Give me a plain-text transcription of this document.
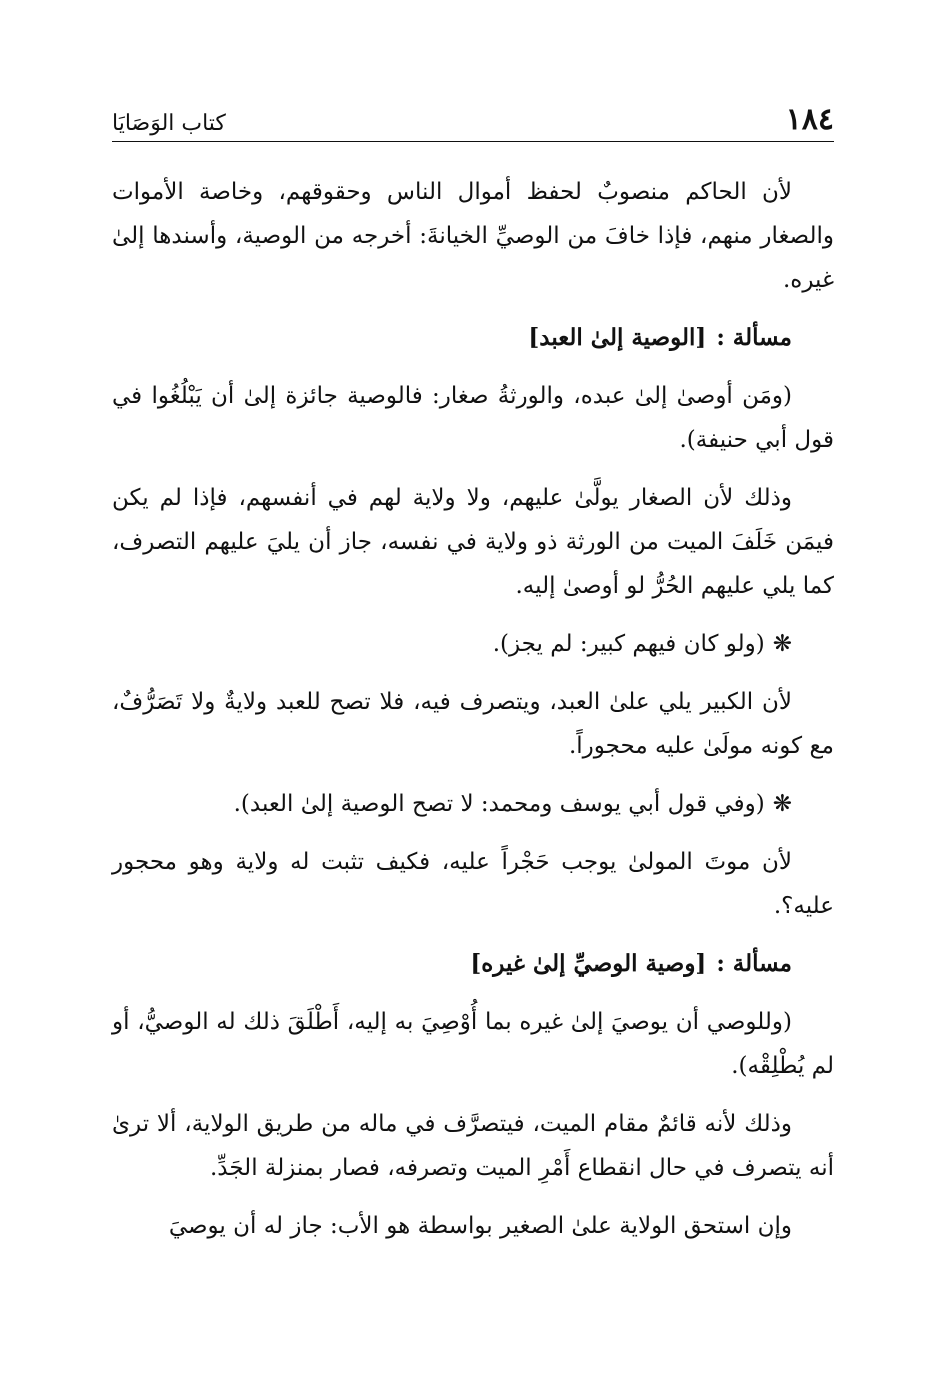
١٨٤
كتاب الوَصَايَا

لأن الحاكم منصوبٌ لحفظ أموال الناس وحقوقهم، وخاصة الأموات والصغار منهم، فإذا خافَ من الوصيِّ الخيانةَ: أخرجه من الوصية، وأسندها إلىٰ غيره.

مسألة :[الوصية إلىٰ العبد]

(ومَن أوصىٰ إلىٰ عبده، والورثةُ صغار: فالوصية جائزة إلىٰ أن يَبْلُغُوا في قول أبي حنيفة).

وذلك لأن الصغار يولَّىٰ عليهم، ولا ولاية لهم في أنفسهم، فإذا لم يكن فيمَن خَلَفَ الميت من الورثة ذو ولاية في نفسه، جاز أن يليَ عليهم التصرف، كما يلي عليهم الحُرُّ لو أوصىٰ إليه.

❋(ولو كان فيهم كبير: لم يجز).

لأن الكبير يلي علىٰ العبد، ويتصرف فيه، فلا تصح للعبد ولايةٌ ولا تَصَرُّفٌ، مع كونه مولَىٰ عليه محجوراً.

❋(وفي قول أبي يوسف ومحمد: لا تصح الوصية إلىٰ العبد).

لأن موتَ المولىٰ يوجب حَجْراً عليه، فكيف تثبت له ولاية وهو محجور عليه؟.

مسألة :[وصية الوصيِّ إلىٰ غيره]

(وللوصي أن يوصيَ إلىٰ غيره بما أُوْصِيَ به إليه، أَطْلَقَ ذلك له الوصيُّ، أو لم يُطْلِقْه).

وذلك لأنه قائمٌ مقام الميت، فيتصرَّف في ماله من طريق الولاية، ألا ترىٰ أنه يتصرف في حال انقطاع أَمْرِ الميت وتصرفه، فصار بمنزلة الجَدِّ.

وإن استحق الولاية علىٰ الصغير بواسطة هو الأب: جاز له أن يوصيَ
